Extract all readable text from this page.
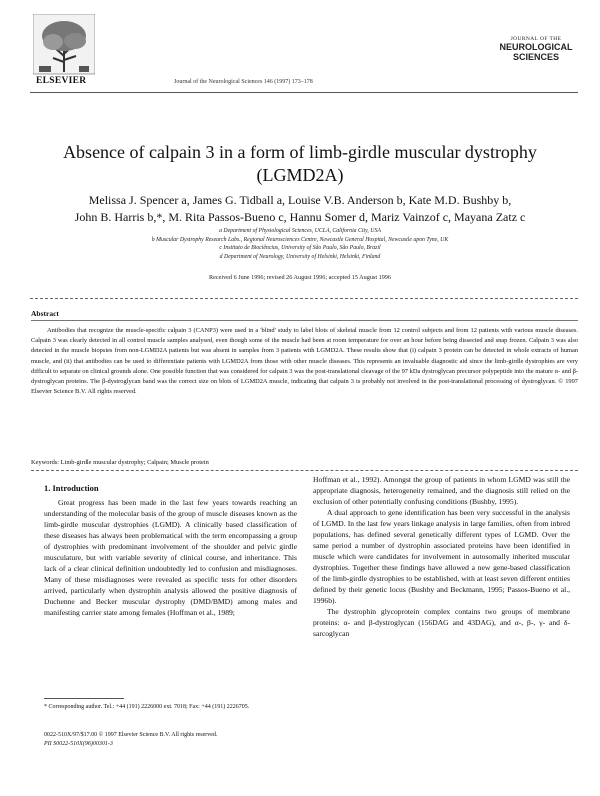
ELSEVIER	Journal of the Neurological Sciences 146 (1997) 173–178
JOURNAL OF THE
NEUROLOGICAL
SCIENCES
Absence of calpain 3 in a form of limb-girdle muscular dystrophy
(LGMD2A)
Melissa J. Spencer a, James G. Tidball a, Louise V.B. Anderson b, Kate M.D. Bushby b,
John B. Harris b,*, M. Rita Passos-Bueno c, Hannu Somer d, Mariz Vainzof c, Mayana Zatz c
a Department of Physiological Sciences, UCLA, California City, USA
b Muscular Dystrophy Research Labs., Regional Neurosciences Centre, Newcastle General Hospital, Newcastle upon Tyne, UK
c Instituto de Biociências, University of São Paulo, São Paulo, Brazil
d Department of Neurology, University of Helsinki, Helsinki, Finland
Received 6 June 1996; revised 26 August 1996; accepted 15 August 1996
Abstract
Antibodies that recognize the muscle-specific calpain 3 (CANP3) were used in a 'blind' study to label blots of skeletal muscle from 12 control subjects and from 12 patients with various muscle diseases. Calpain 3 was clearly detected in all control muscle samples analysed, even though some of the muscle had been at room temperature for over an hour before being dissected and snap frozen. Calpain 3 was also detected in the muscle biopsies from non-LGMD2A patients but was absent in samples from 3 patients with LGMD2A. These results show that (i) calpain 3 protein can be detected in whole extracts of human muscle, and (ii) that antibodies can be used to differentiate patients with LGMD2A from those with other muscle diseases. This represents an invaluable diagnostic aid since the limb-girdle dystrophies are very difficult to separate on clinical grounds alone. One possible function that was considered for calpain 3 was the post-translational cleavage of the 97 kDa dystroglycan precursor polypeptide into the mature α- and β-dystroglycan proteins. The β-dystroglycan band was the correct size on blots of LGMD2A muscle, indicating that calpain 3 is probably not involved in the post-translational processing of dystroglycan. © 1997 Elsevier Science B.V. All rights reserved.
Keywords: Limb-girdle muscular dystrophy; Calpain; Muscle protein
1. Introduction

Great progress has been made in the last few years towards reaching an understanding of the molecular basis of the group of muscle diseases known as the limb-girdle muscular dystrophies (LGMD). A clinically based classification of these diseases has always been problematical with the term encompassing a group of dystrophies with predominant involvement of the shoulder and pelvic girdle musculature, but with variable severity of clinical course, and inheritance. This lack of a clear clinical definition undoubtedly led to confusion and misdiagnoses. Many of these misdiagnoses were revealed as specific tests for other disorders arrived, particularly when dystrophin analysis allowed the positive diagnosis of Duchenne and Becker muscular dystrophy (DMD/BMD) among males and manifesting carrier state among females (Hoffman et al., 1989;

Hoffman et al., 1992). Amongst the group of patients in whom LGMD was still the appropriate diagnosis, heterogeneity remained, and the diagnosis still relied on the exclusion of other potentially confusing conditions (Bushby, 1995).

A dual approach to gene identification has been very successful in the analysis of LGMD. In the last few years linkage analysis in large families, often from inbred populations, has defined several genetically different types of LGMD. Over the same period a number of dystrophin associated proteins have been identified in muscle which were candidates for involvement in autosomally inherited muscular dystrophies. Together these findings have allowed a new gene-based classification of the limb-girdle dystrophies to be established, with at least seven different entities defined by their genetic locus (Bushby and Beckmann, 1995; Passos-Bueno et al., 1996b).

The dystrophin glycoprotein complex contains two groups of membrane proteins: α- and β-dystroglycan (156DAG and 43DAG), and α-, β-, γ- and δ-sarcoglycan

* Corresponding author. Tel.: +44 (191) 2226000 ext. 7018; Fax: +44 (191) 2226705.
0022-510X/97/$17.00 © 1997 Elsevier Science B.V. All rights reserved.
PII S0022-510X(96)00301-3
